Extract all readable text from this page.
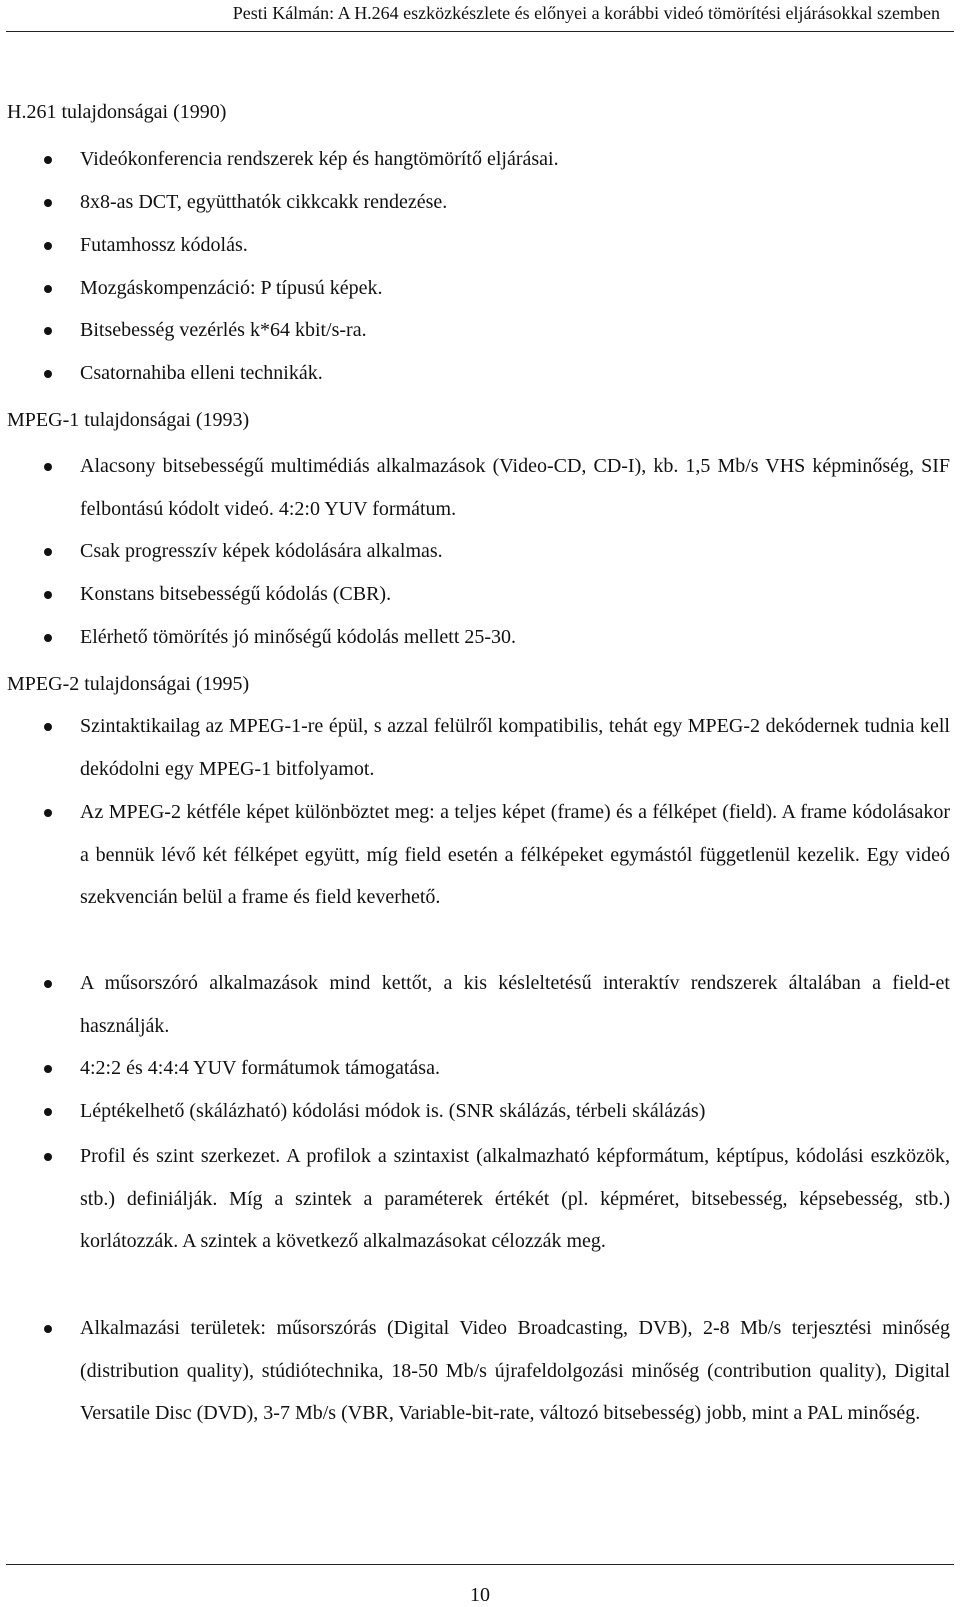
Pesti Kálmán: A H.264 eszközkészlete és előnyei a korábbi videó tömörítési eljárásokkal szemben
H.261 tulajdonságai (1990)
Videókonferencia rendszerek kép és hangtömörítő eljárásai.
8x8-as DCT, együtthatók cikkcakk rendezése.
Futamhossz kódolás.
Mozgáskompenzáció: P típusú képek.
Bitsebesség vezérlés k*64 kbit/s-ra.
Csatornahiba elleni technikák.
MPEG-1 tulajdonságai (1993)
Alacsony bitsebességű multimédiás alkalmazások (Video-CD, CD-I), kb. 1,5 Mb/s VHS képminőség, SIF felbontású kódolt videó. 4:2:0 YUV formátum.
Csak progresszív képek kódolására alkalmas.
Konstans bitsebességű kódolás (CBR).
Elérhető tömörítés jó minőségű kódolás mellett 25-30.
MPEG-2 tulajdonságai (1995)
Szintaktikailag az MPEG-1-re épül, s azzal felülről kompatibilis, tehát egy MPEG-2 dekódernek tudnia kell dekódolni egy MPEG-1 bitfolyamot.
Az MPEG-2 kétféle képet különböztet meg: a teljes képet (frame) és a félképet (field). A frame kódolásakor a bennük lévő két félképet együtt, míg field esetén a félképeket egymástól függetlenül kezelik. Egy videó szekvencián belül a frame és field keverhető.
A műsorszóró alkalmazások mind kettőt, a kis késleltetésű interaktív rendszerek általában a field-et használják.
4:2:2 és 4:4:4 YUV formátumok támogatása.
Léptékelhető (skálázható) kódolási módok is. (SNR skálázás, térbeli skálázás)
Profil és szint szerkezet. A profilok a szintaxist (alkalmazható képformátum, képtípus, kódolási eszközök, stb.) definiálják. Míg a szintek a paraméterek értékét (pl. képméret, bitsebesség, képsebesség, stb.) korlátozzák. A szintek a következő alkalmazásokat célozzák meg.
Alkalmazási területek: műsorszórás (Digital Video Broadcasting, DVB), 2-8 Mb/s terjesztési minőség (distribution quality), stúdiótechnika, 18-50 Mb/s újrafeldolgozási minőség (contribution quality), Digital Versatile Disc (DVD), 3-7 Mb/s (VBR, Variable-bit-rate, változó bitsebesség) jobb, mint a PAL minőség.
10
